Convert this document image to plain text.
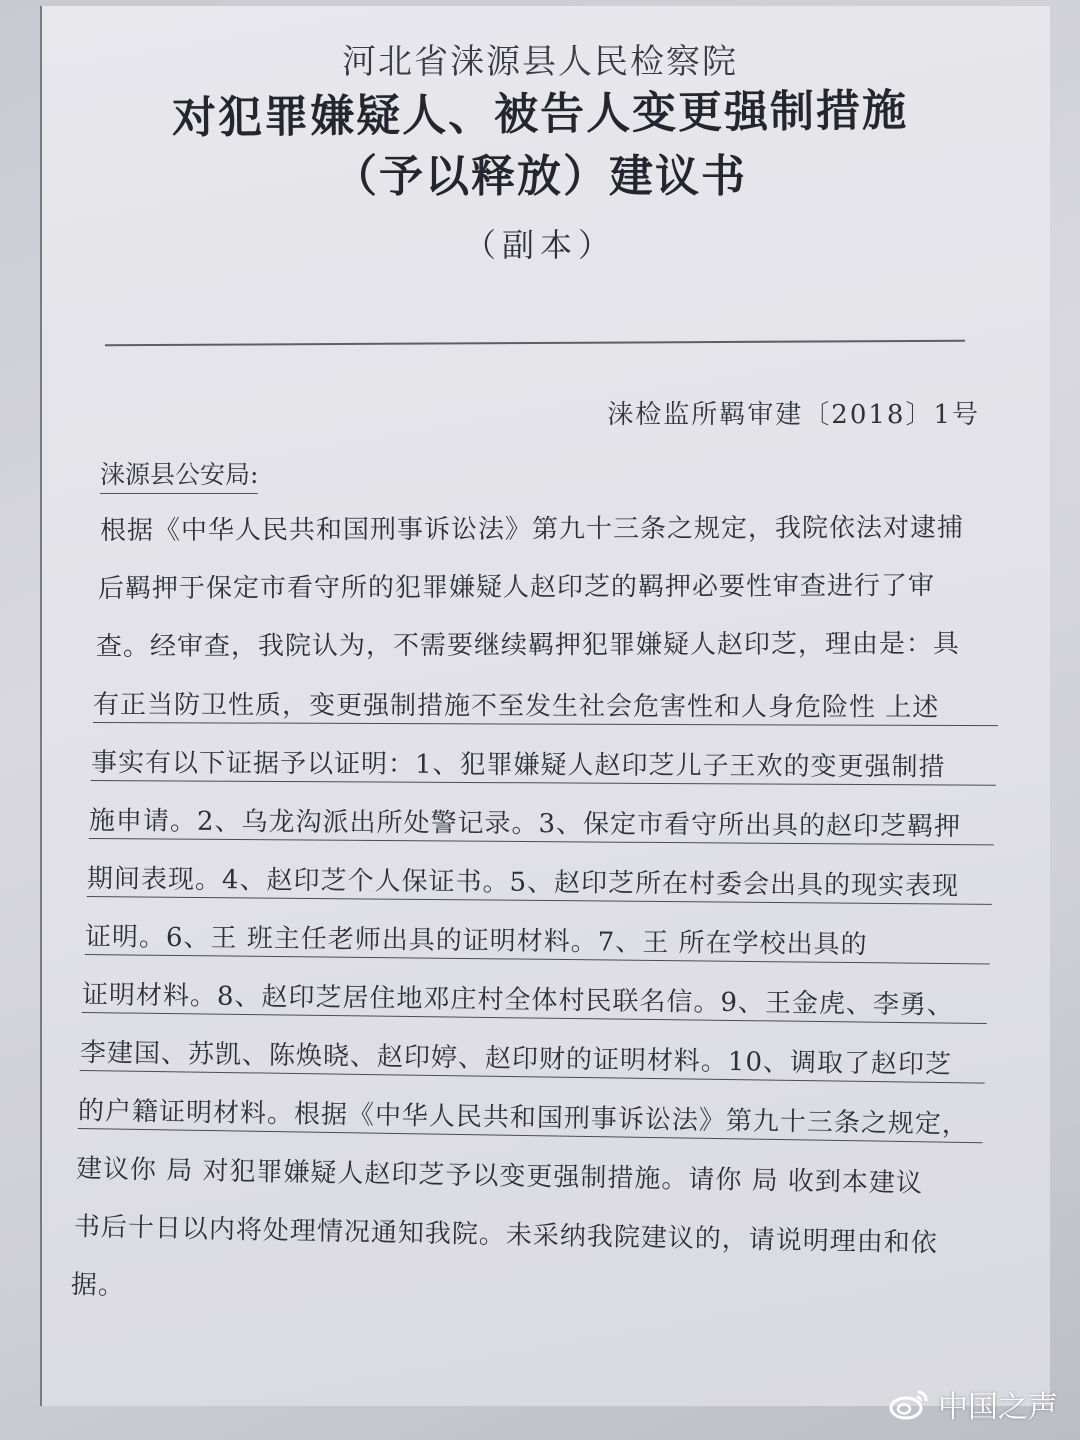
河北省涞源县人民检察院
对犯罪嫌疑人、被告人变更强制措施
（予以释放）建议书
（副本）
涞检监所羁审建〔2018〕1号
涞源县公安局:
根据《中华人民共和国刑事诉讼法》第九十三条之规定，我院依法对逮捕
后羁押于保定市看守所的犯罪嫌疑人赵印芝的羁押必要性审查进行了审
查。经审查，我院认为，不需要继续羁押犯罪嫌疑人赵印芝，理由是：具
有正当防卫性质，变更强制措施不至发生社会危害性和人身危险性 上述
事实有以下证据予以证明：1、犯罪嫌疑人赵印芝儿子王欢的变更强制措
施申请。2、乌龙沟派出所处警记录。3、保定市看守所出具的赵印芝羁押
期间表现。4、赵印芝个人保证书。5、赵印芝所在村委会出具的现实表现
证明。6、王 班主任老师出具的证明材料。7、王 所在学校出具的
证明材料。8、赵印芝居住地邓庄村全体村民联名信。9、王金虎、李勇、
李建国、苏凯、陈焕晓、赵印婷、赵印财的证明材料。10、调取了赵印芝
的户籍证明材料。根据《中华人民共和国刑事诉讼法》第九十三条之规定，
建议你 局 对犯罪嫌疑人赵印芝予以变更强制措施。请你 局 收到本建议
书后十日以内将处理情况通知我院。未采纳我院建议的，请说明理由和依
据。
中国之声
